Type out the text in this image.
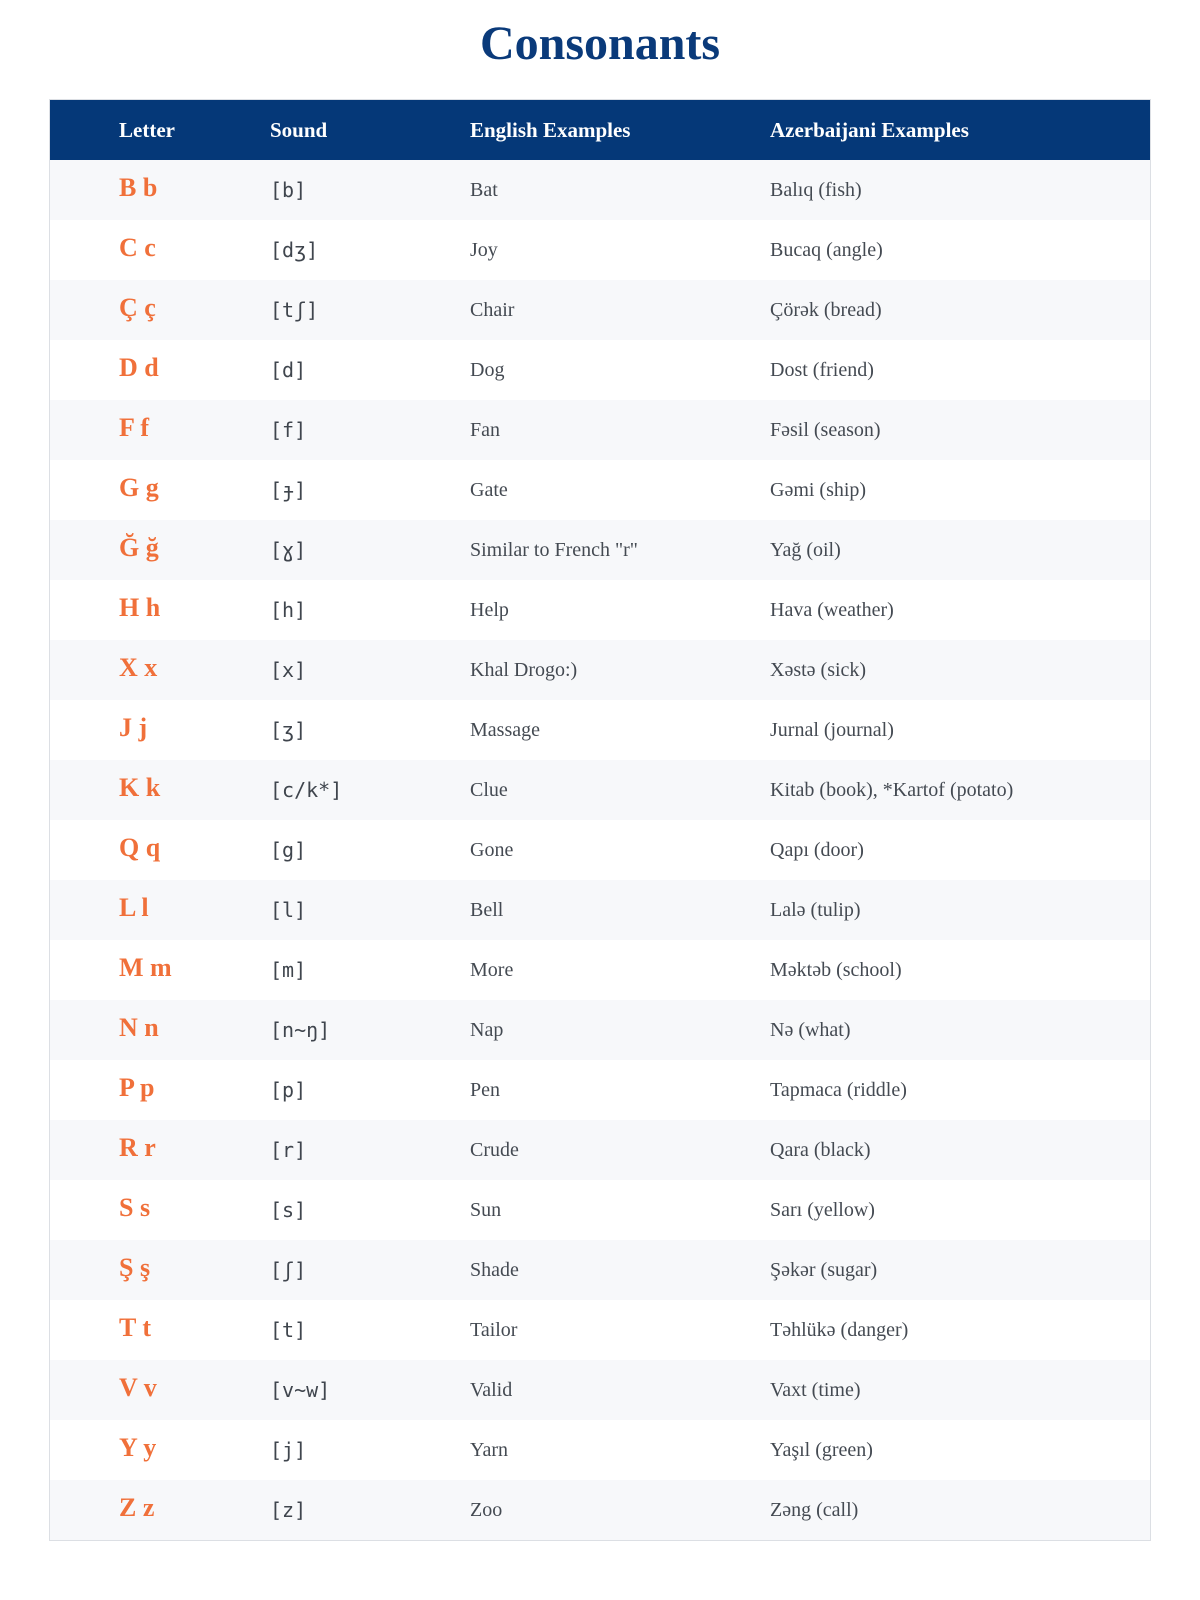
Consonants
Letter	Sound	English Examples	Azerbaijani Examples
B b	[b]	Bat	Balıq (fish)
C c	[dʒ]	Joy	Bucaq (angle)
Ç ç	[tʃ]	Chair	Çörək (bread)
D d	[d]	Dog	Dost (friend)
F f	[f]	Fan	Fəsil (season)
G g	[ɟ]	Gate	Gəmi (ship)
Ğ ğ	[ɣ]	Similar to French "r"	Yağ (oil)
H h	[h]	Help	Hava (weather)
X x	[x]	Khal Drogo:)	Xəstə (sick)
J j	[ʒ]	Massage	Jurnal (journal)
K k	[c/k*]	Clue	Kitab (book), *Kartof (potato)
Q q	[g]	Gone	Qapı (door)
L l	[l]	Bell	Lalə (tulip)
M m	[m]	More	Məktəb (school)
N n	[n~ŋ]	Nap	Nə (what)
P p	[p]	Pen	Tapmaca (riddle)
R r	[r]	Crude	Qara (black)
S s	[s]	Sun	Sarı (yellow)
Ş ş	[ʃ]	Shade	Şəkər (sugar)
T t	[t]	Tailor	Təhlükə (danger)
V v	[v~w]	Valid	Vaxt (time)
Y y	[j]	Yarn	Yaşıl (green)
Z z	[z]	Zoo	Zəng (call)
